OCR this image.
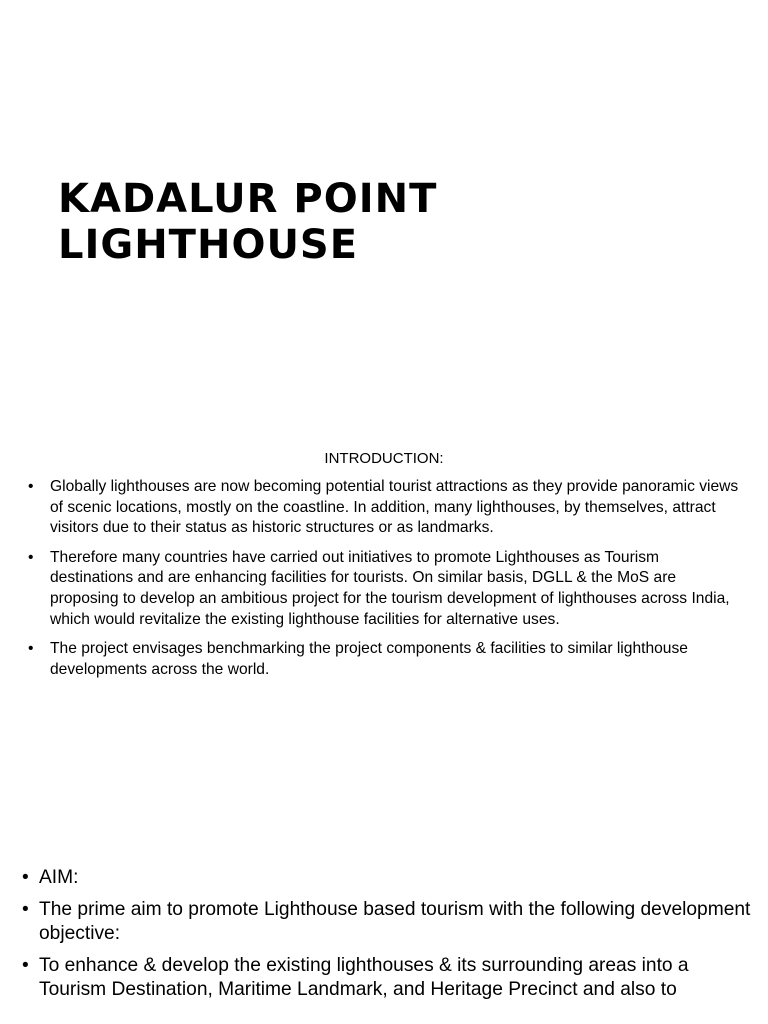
KADALUR POINT
LIGHTHOUSE

INTRODUCTION:

• Globally lighthouses are now becoming potential tourist attractions as they provide panoramic views of scenic locations, mostly on the coastline. In addition, many lighthouses, by themselves, attract visitors due to their status as historic structures or as landmarks.
• Therefore many countries have carried out initiatives to promote Lighthouses as Tourism destinations and are enhancing facilities for tourists. On similar basis, DGLL & the MoS are proposing to develop an ambitious project for the tourism development of lighthouses across India, which would revitalize the existing lighthouse facilities for alternative uses.
• The project envisages benchmarking the project components & facilities to similar lighthouse developments across the world.
• AIM:
• The prime aim to promote Lighthouse based tourism with the following development objective:
• To enhance & develop the existing lighthouses & its surrounding areas into a Tourism Destination, Maritime Landmark, and Heritage Precinct and also to
